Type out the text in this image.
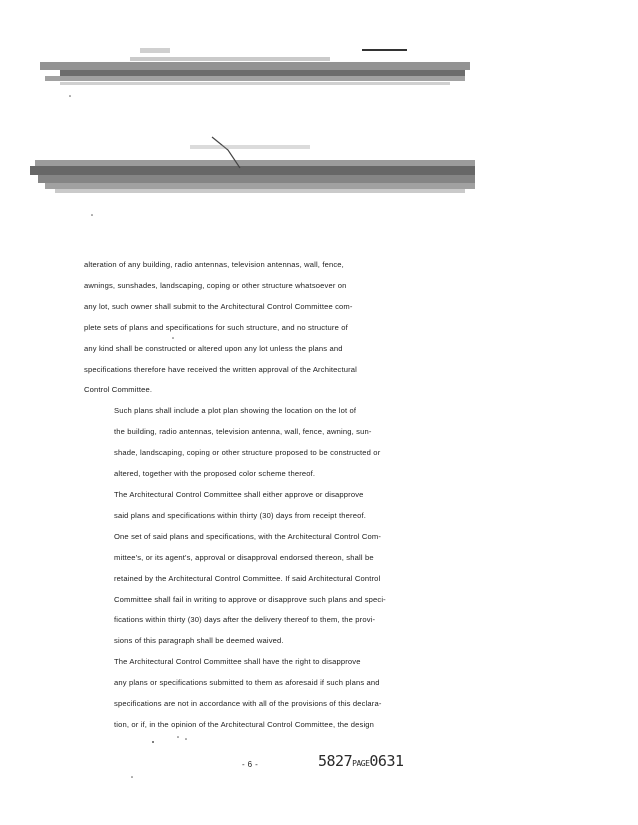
alteration of any building, radio antennas, television antennas, wall, fence,
awnings, sunshades, landscaping, coping or other structure whatsoever on
any lot, such owner shall submit to the Architectural Control Committee com-
plete sets of plans and specifications for such structure, and no structure of
any kind shall be constructed or altered upon any lot unless the plans and
specifications therefore have received the written approval of the Architectural
Control Committee.
Such plans shall include a plot plan showing the location on the lot of
the building, radio antennas, television antenna, wall, fence, awning, sun-
shade, landscaping, coping or other structure proposed to be constructed or
altered, together with the proposed color scheme thereof.
The Architectural Control Committee shall either approve or disapprove
said plans and specifications within thirty (30) days from receipt thereof.
One set of said plans and specifications, with the Architectural Control Com-
mittee's, or its agent's, approval or disapproval endorsed thereon, shall be
retained by the Architectural Control Committee. If said Architectural Control
Committee shall fail in writing to approve or disapprove such plans and speci-
fications within thirty (30) days after the delivery thereof to them, the provi-
sions of this paragraph shall be deemed waived.
The Architectural Control Committee shall have the right to disapprove
any plans or specifications submitted to them as aforesaid if such plans and
specifications are not in accordance with all of the provisions of this declara-
tion, or if, in the opinion of the Architectural Control Committee, the design
- 6 -	5827PAGE0631
